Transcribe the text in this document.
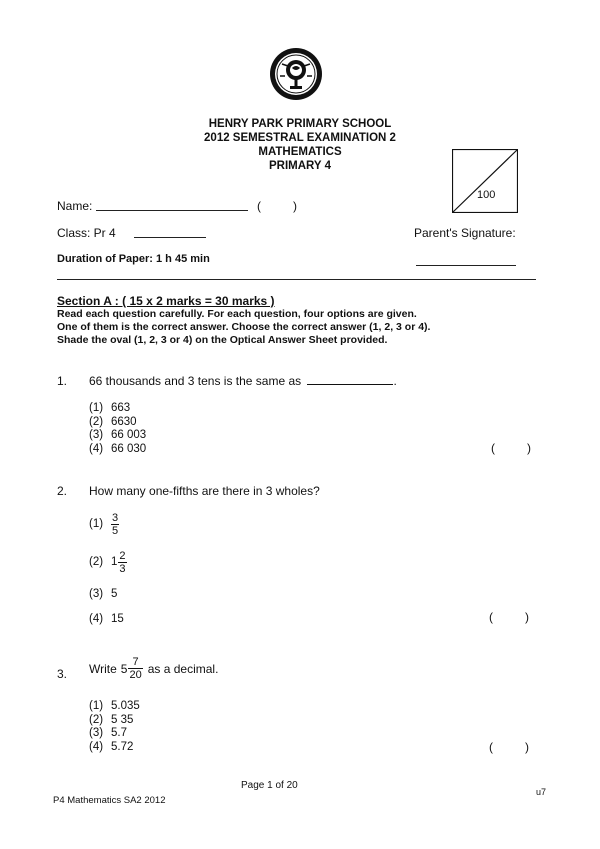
HENRY PARK PRIMARY SCHOOL
2012 SEMESTRAL EXAMINATION 2
MATHEMATICS
PRIMARY 4
100
Name:	(	)
Class: Pr 4	Parent's Signature:
Duration of Paper: 1 h 45 min
Section A : ( 15 x 2 marks = 30 marks )
Read each question carefully. For each question, four options are given.
One of them is the correct answer. Choose the correct answer (1, 2, 3 or 4).
Shade the oval (1, 2, 3 or 4) on the Optical Answer Sheet provided.
1. 66 thousands and 3 tens is the same as	.
(1) 663
(2) 6630
(3) 66 003
(4) 66 030	(	)
2. How many one-fifths are there in 3 wholes?
$(1) \frac{3}{5}$
(2) $1 \frac{2}{3}$
(3) 5
(4) 15	(	)
3. Write $5 \frac{7}{20}$ as a decimal.
(1) 5.035
(2) 5 35
(3) 5.7
(4) 5.72	(	)
Page 1 of 20
P4 Mathematics SA2 2012
u7
